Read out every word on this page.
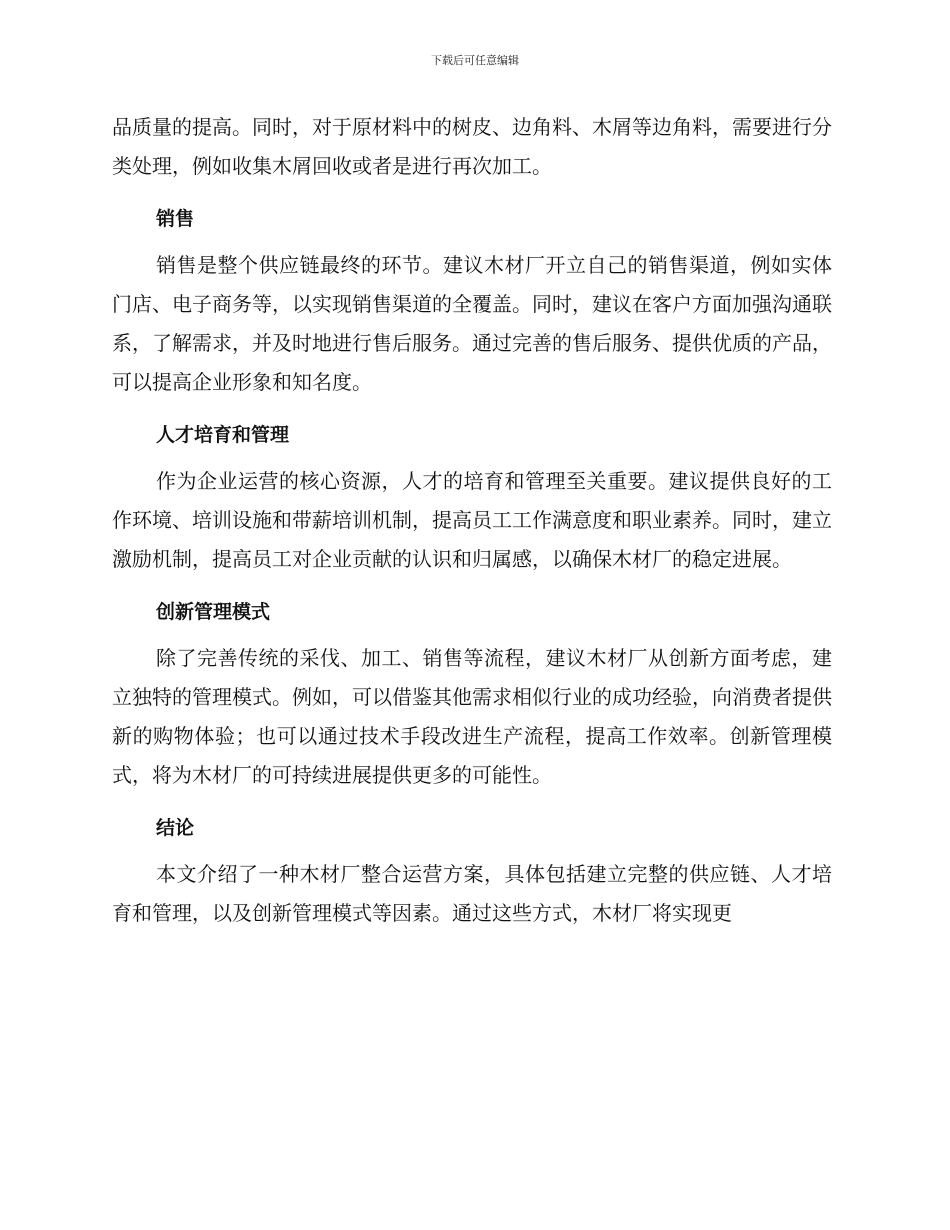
下载后可任意编辑

品质量的提高。同时，对于原材料中的树皮、边角料、木屑等边角料，需要进行分类处理，例如收集木屑回收或者是进行再次加工。

销售

销售是整个供应链最终的环节。建议木材厂开立自己的销售渠道，例如实体门店、电子商务等，以实现销售渠道的全覆盖。同时，建议在客户方面加强沟通联系，了解需求，并及时地进行售后服务。通过完善的售后服务、提供优质的产品，可以提高企业形象和知名度。

人才培育和管理

作为企业运营的核心资源，人才的培育和管理至关重要。建议提供良好的工作环境、培训设施和带薪培训机制，提高员工工作满意度和职业素养。同时，建立激励机制，提高员工对企业贡献的认识和归属感，以确保木材厂的稳定进展。

创新管理模式

除了完善传统的采伐、加工、销售等流程，建议木材厂从创新方面考虑，建立独特的管理模式。例如，可以借鉴其他需求相似行业的成功经验，向消费者提供新的购物体验；也可以通过技术手段改进生产流程，提高工作效率。创新管理模式，将为木材厂的可持续进展提供更多的可能性。

结论

本文介绍了一种木材厂整合运营方案，具体包括建立完整的供应链、人才培育和管理，以及创新管理模式等因素。通过这些方式，木材厂将实现更
